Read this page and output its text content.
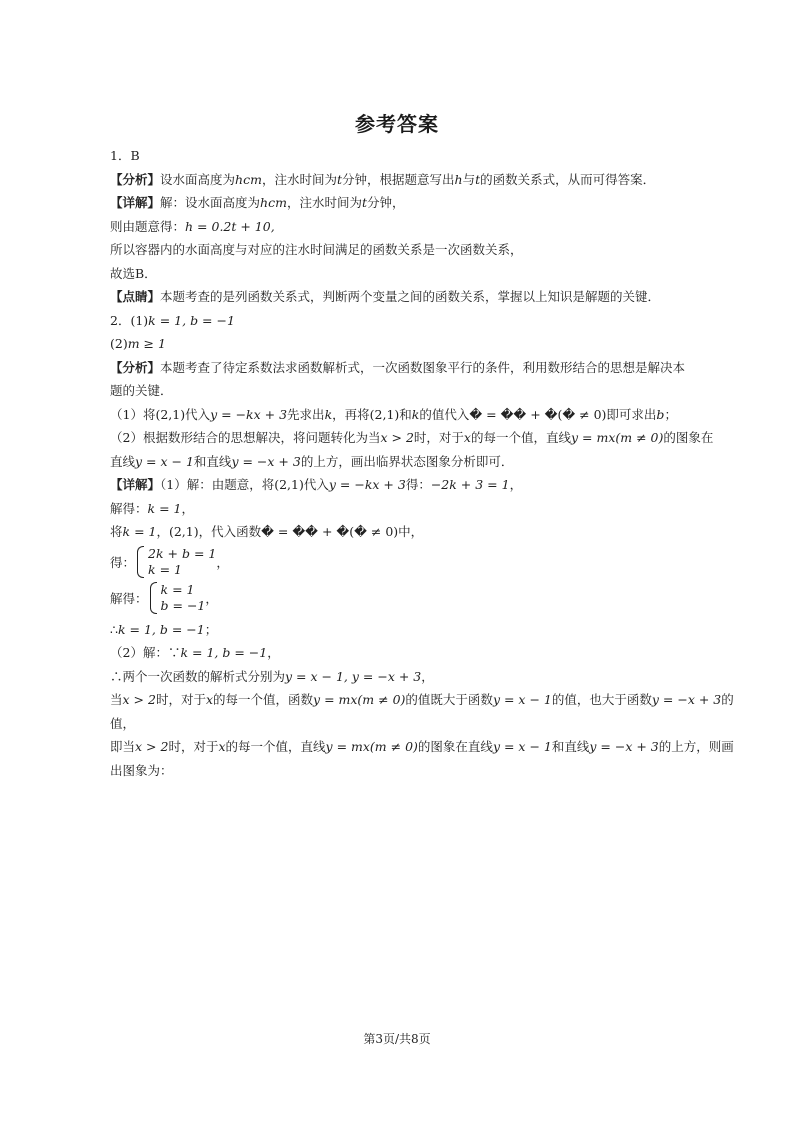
参考答案
1．B
【分析】设水面高度为hcm，注水时间为t分钟，根据题意写出h与t的函数关系式，从而可得答案．
【详解】解：设水面高度为hcm，注水时间为t分钟，
则由题意得：h = 0.2t + 10,
所以容器内的水面高度与对应的注水时间满足的函数关系是一次函数关系，
故选B．
【点睛】本题考查的是列函数关系式，判断两个变量之间的函数关系，掌握以上知识是解题的关键．
2．(1)k = 1, b = −1
(2)m ≥ 1
【分析】本题考查了待定系数法求函数解析式，一次函数图象平行的条件，利用数形结合的思想是解决本题的关键．
（1）将(2,1)代入y = −kx + 3先求出k，再将(2,1)和k的值代入� = �� + �(� ≠ 0)即可求出b；
（2）根据数形结合的思想解决，将问题转化为当x > 2时，对于x的每一个值，直线y = mx(m ≠ 0)的图象在
直线y = x − 1和直线y = −x + 3的上方，画出临界状态图象分析即可．
【详解】（1）解：由题意，将(2,1)代入y = −kx + 3得：−2k + 3 = 1，
解得：k = 1，
将k = 1，(2,1)，代入函数� = �� + �(� ≠ 0)中，
得：
2k + b = 1
k = 1	，
解得：
k = 1
b = −1 ，
∴k = 1, b = −1；
（2）解：∵k = 1, b = −1，
∴两个一次函数的解析式分别为y = x − 1, y = −x + 3，
当x > 2时，对于x的每一个值，函数y = mx(m ≠ 0)的值既大于函数y = x − 1的值，也大于函数y = −x + 3的
值，
即当x > 2时，对于x的每一个值，直线y = mx(m ≠ 0)的图象在直线y = x − 1和直线y = −x + 3的上方，则画
出图象为：
第3页/共8页
